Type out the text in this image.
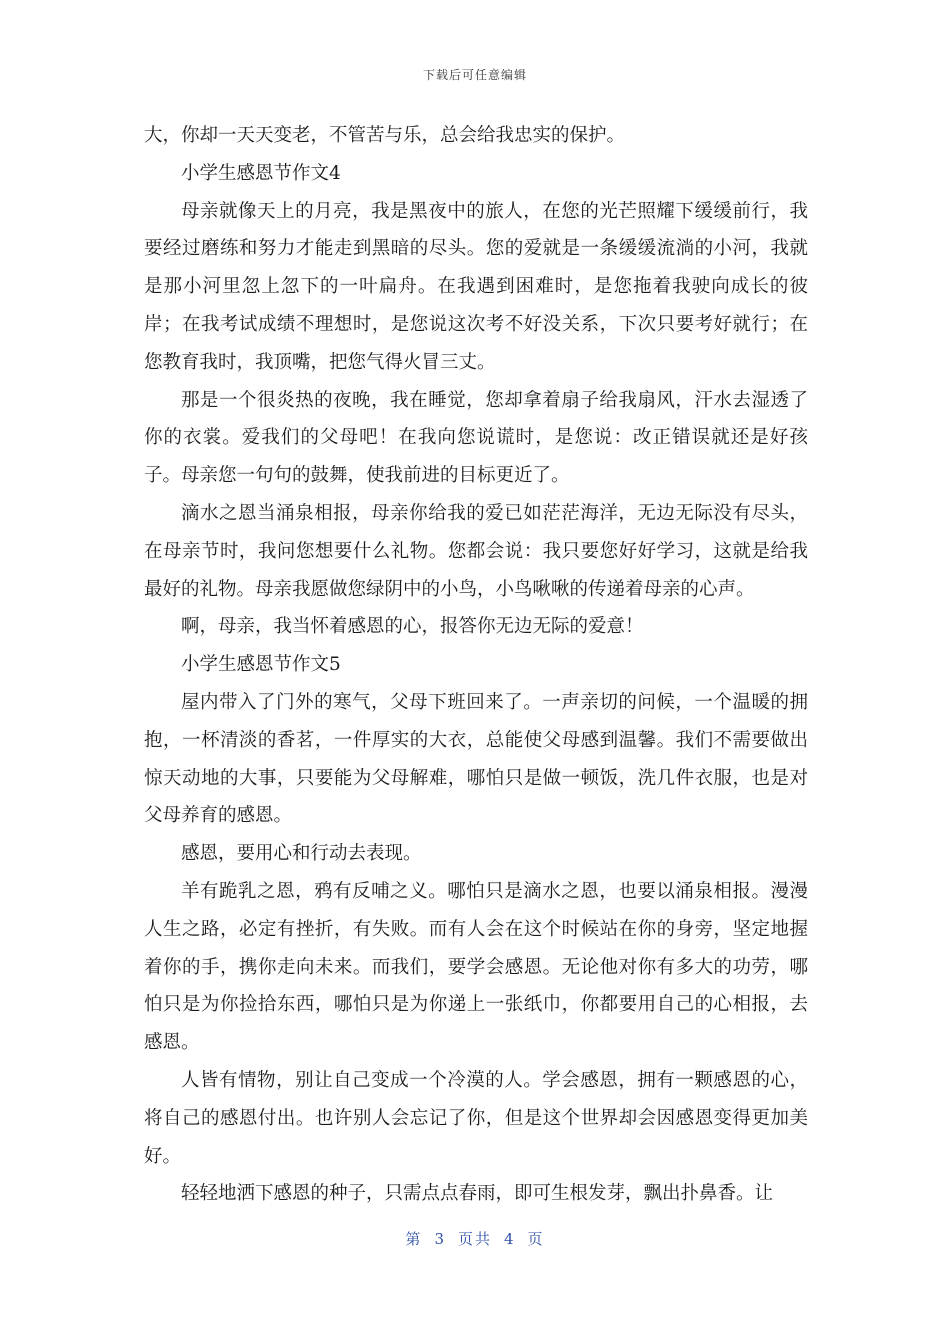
下载后可任意编辑

大，你却一天天变老，不管苦与乐，总会给我忠实的保护。

小学生感恩节作文4

母亲就像天上的月亮，我是黑夜中的旅人，在您的光芒照耀下缓缓前行，我要经过磨练和努力才能走到黑暗的尽头。您的爱就是一条缓缓流淌的小河，我就是那小河里忽上忽下的一叶扁舟。在我遇到困难时，是您拖着我驶向成长的彼岸；在我考试成绩不理想时，是您说这次考不好没关系，下次只要考好就行；在您教育我时，我顶嘴，把您气得火冒三丈。

那是一个很炎热的夜晚，我在睡觉，您却拿着扇子给我扇风，汗水去湿透了你的衣裳。爱我们的父母吧！在我向您说谎时，是您说：改正错误就还是好孩子。母亲您一句句的鼓舞，使我前进的目标更近了。

滴水之恩当涌泉相报，母亲你给我的爱已如茫茫海洋，无边无际没有尽头，在母亲节时，我问您想要什么礼物。您都会说：我只要您好好学习，这就是给我最好的礼物。母亲我愿做您绿阴中的小鸟，小鸟啾啾的传递着母亲的心声。

啊，母亲，我当怀着感恩的心，报答你无边无际的爱意！

小学生感恩节作文5

屋内带入了门外的寒气，父母下班回来了。一声亲切的问候，一个温暖的拥抱，一杯清淡的香茗，一件厚实的大衣，总能使父母感到温馨。我们不需要做出惊天动地的大事，只要能为父母解难，哪怕只是做一顿饭，洗几件衣服，也是对父母养育的感恩。

感恩，要用心和行动去表现。

羊有跪乳之恩，鸦有反哺之义。哪怕只是滴水之恩，也要以涌泉相报。漫漫人生之路，必定有挫折，有失败。而有人会在这个时候站在你的身旁，坚定地握着你的手，携你走向未来。而我们，要学会感恩。无论他对你有多大的功劳，哪怕只是为你捡拾东西，哪怕只是为你递上一张纸巾，你都要用自己的心相报，去感恩。

人皆有情物，别让自己变成一个冷漠的人。学会感恩，拥有一颗感恩的心，将自己的感恩付出。也许别人会忘记了你，但是这个世界却会因感恩变得更加美好。

轻轻地洒下感恩的种子，只需点点春雨，即可生根发芽，飘出扑鼻香。让

第 3 页共 4 页
